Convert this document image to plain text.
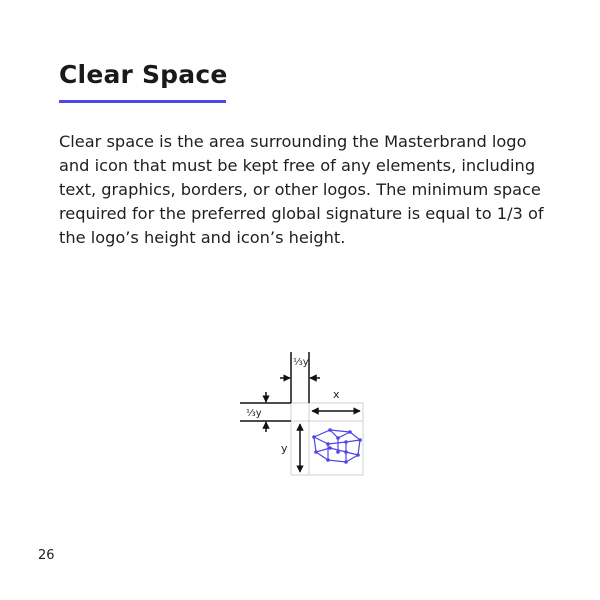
Clear Space

Clear space is the area surrounding the Masterbrand logo
and icon that must be kept free of any elements, including
text, graphics, borders, or other logos. The minimum space
required for the preferred global signature is equal to 1/3 of
the logo’s height and icon’s height.

⅓y
⅓y
x
y
26
